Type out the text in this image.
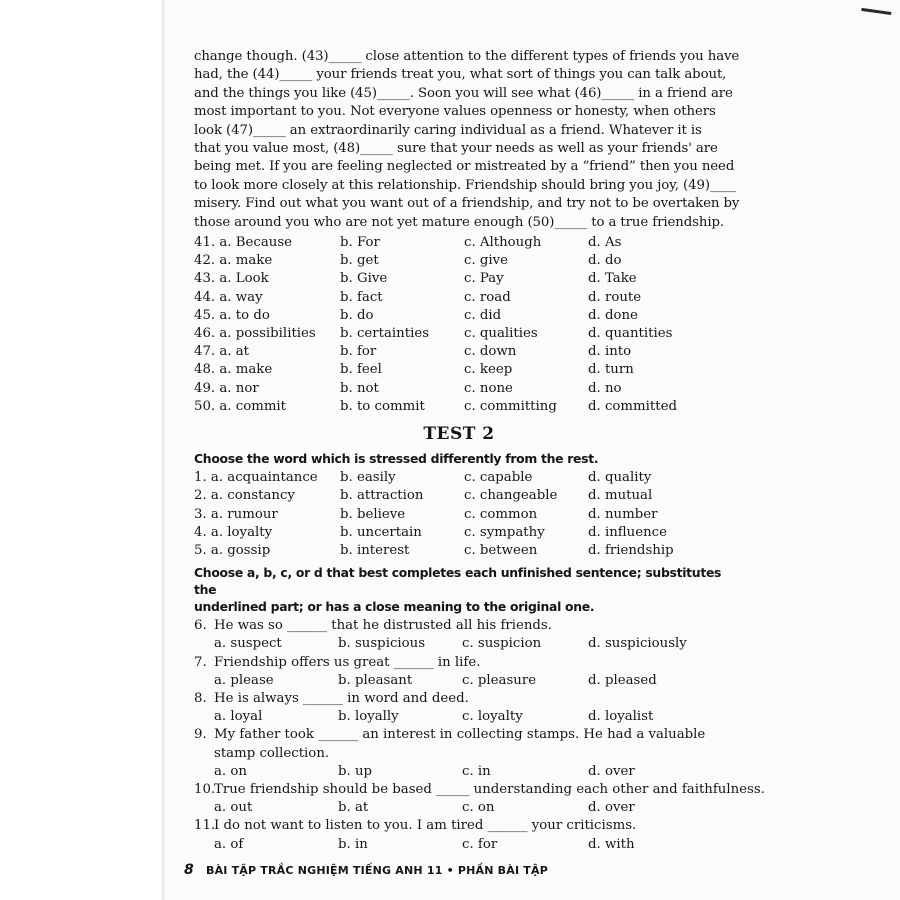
change though. (43)_____ close attention to the different types of friends you have

had, the (44)_____ your friends treat you, what sort of things you can talk about,

and the things you like (45)_____. Soon you will see what (46)_____ in a friend are

most important to you. Not everyone values openness or honesty, when others

look (47)_____ an extraordinarily caring individual as a friend. Whatever it is

that you value most, (48)_____ sure that your needs as well as your friends' are

being met. If you are feeling neglected or mistreated by a “friend” then you need

to look more closely at this relationship. Friendship should bring you joy, (49)____

misery. Find out what you want out of a friendship, and try not to be overtaken by

those around you who are not yet mature enough (50)_____ to a true friendship.

41. a. Because	b. For	c. Although	d. As
42. a. make	b. get	c. give	d. do
43. a. Look	b. Give	c. Pay	d. Take
44. a. way	b. fact	c. road	d. route
45. a. to do	b. do	c. did	d. done
46. a. possibilities	b. certainties	c. qualities	d. quantities
47. a. at	b. for	c. down	d. into
48. a. make	b. feel	c. keep	d. turn
49. a. nor	b. not	c. none	d. no
50. a. commit	b. to commit	c. committing	d. committed
TEST 2
Choose the word which is stressed differently from the rest.
1. a. acquaintance	b. easily	c. capable	d. quality
2. a. constancy	b. attraction	c. changeable	d. mutual
3. a. rumour	b. believe	c. common	d. number
4. a. loyalty	b. uncertain	c. sympathy	d. influence
5. a. gossip	b. interest	c. between	d. friendship
Choose a, b, c, or d that best completes each unfinished sentence; substitutes the
underlined part; or has a close meaning to the original one.
6. He was so ______ that he distrusted all his friends.
a. suspect	b. suspicious	c. suspicion	d. suspiciously
7. Friendship offers us great ______ in life.
a. please	b. pleasant	c. pleasure	d. pleased
8. He is always ______ in word and deed.
a. loyal	b. loyally	c. loyalty	d. loyalist
9. My father took ______ an interest in collecting stamps. He had a valuable
stamp collection.
a. on	b. up	c. in	d. over
10.True friendship should be based _____ understanding each other and faithfulness.
a. out	b. at	c. on	d. over
11.I do not want to listen to you. I am tired ______ your criticisms.
a. of	b. in	c. for	d. with
8 BÀI TẬP TRẮC NGHIỆM TIẾNG ANH 11 • PHẦN BÀI TẬP
